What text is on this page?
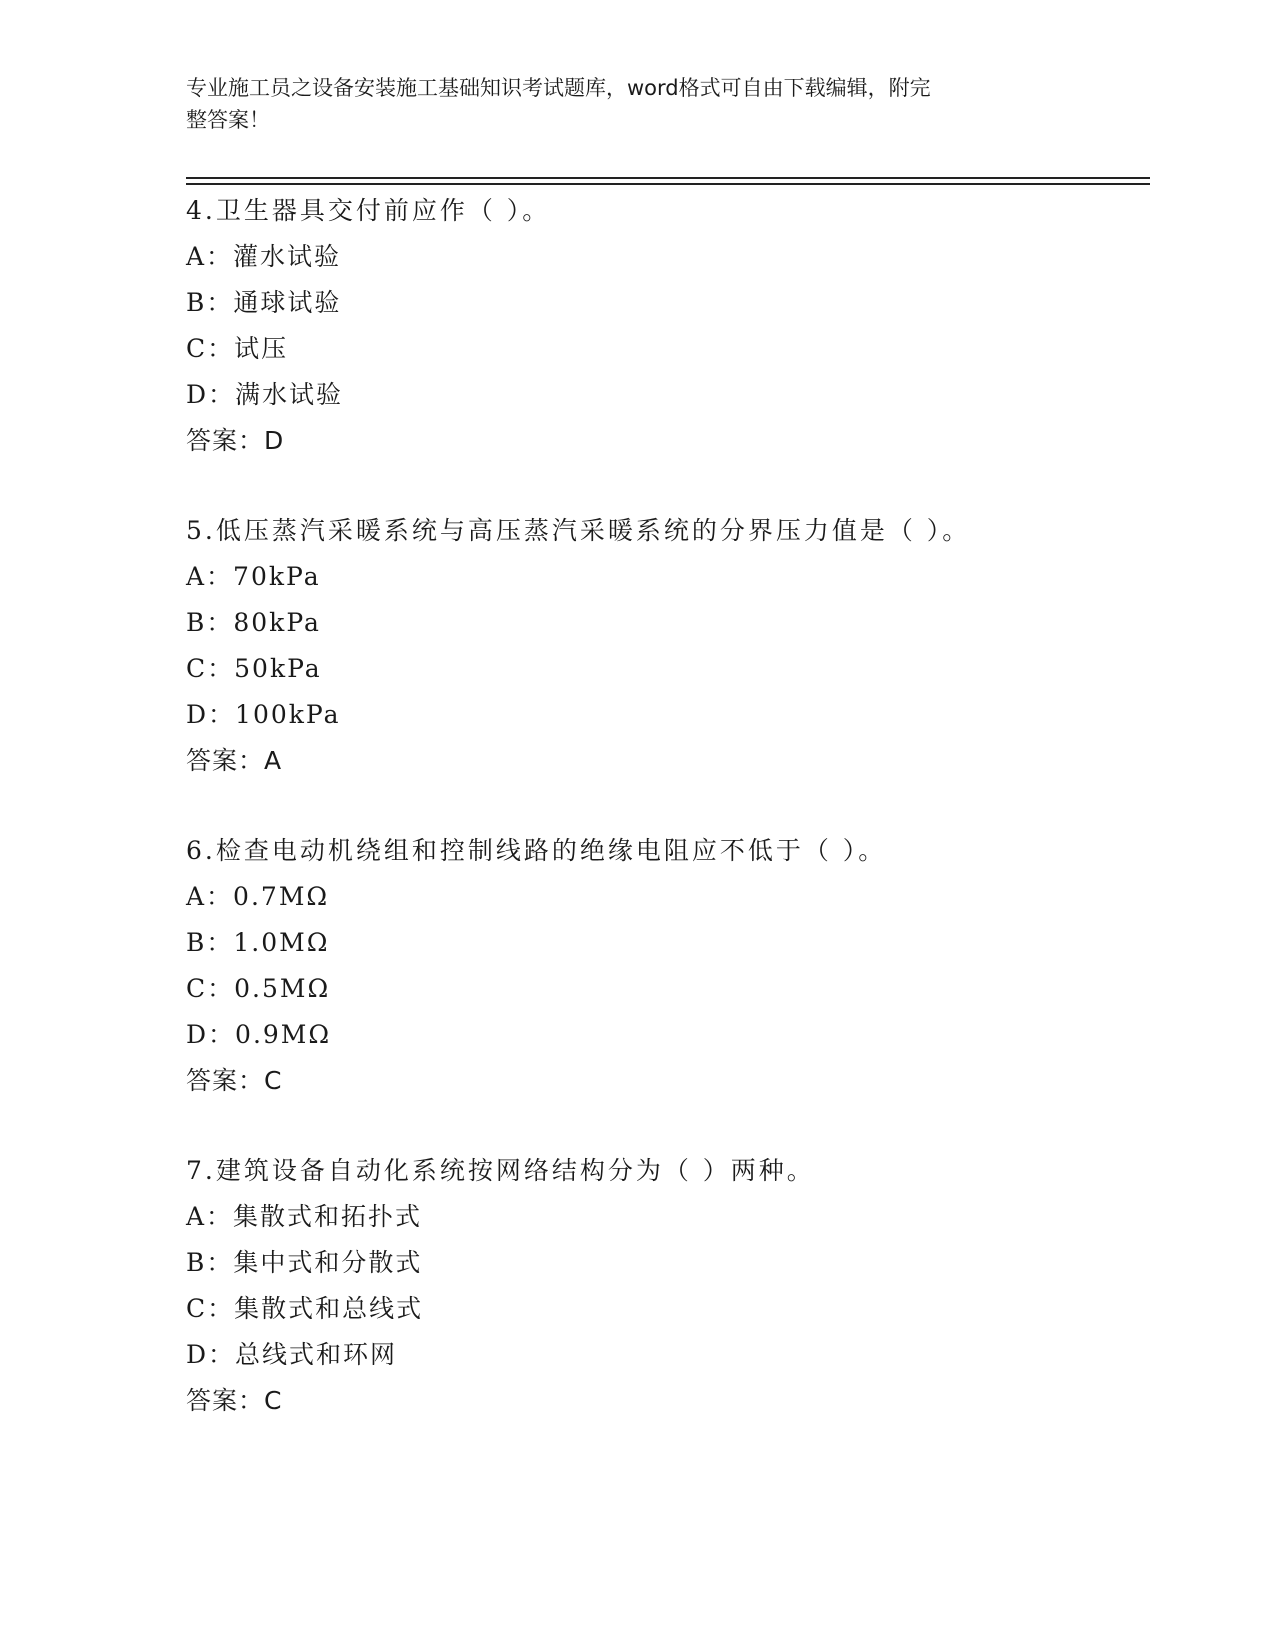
专业施工员之设备安装施工基础知识考试题库，word格式可自由下载编辑，附完
整答案！
4.卫生器具交付前应作（ ）。
A：灌水试验
B：通球试验
C：试压
D：满水试验
答案：D
5.低压蒸汽采暖系统与高压蒸汽采暖系统的分界压力值是（ ）。
A：70kPa
B：80kPa
C：50kPa
D：100kPa
答案：A
6.检查电动机绕组和控制线路的绝缘电阻应不低于（ ）。
A：0.7MΩ
B：1.0MΩ
C：0.5MΩ
D：0.9MΩ
答案：C
7.建筑设备自动化系统按网络结构分为（ ）两种。
A：集散式和拓扑式
B：集中式和分散式
C：集散式和总线式
D：总线式和环网
答案：C
